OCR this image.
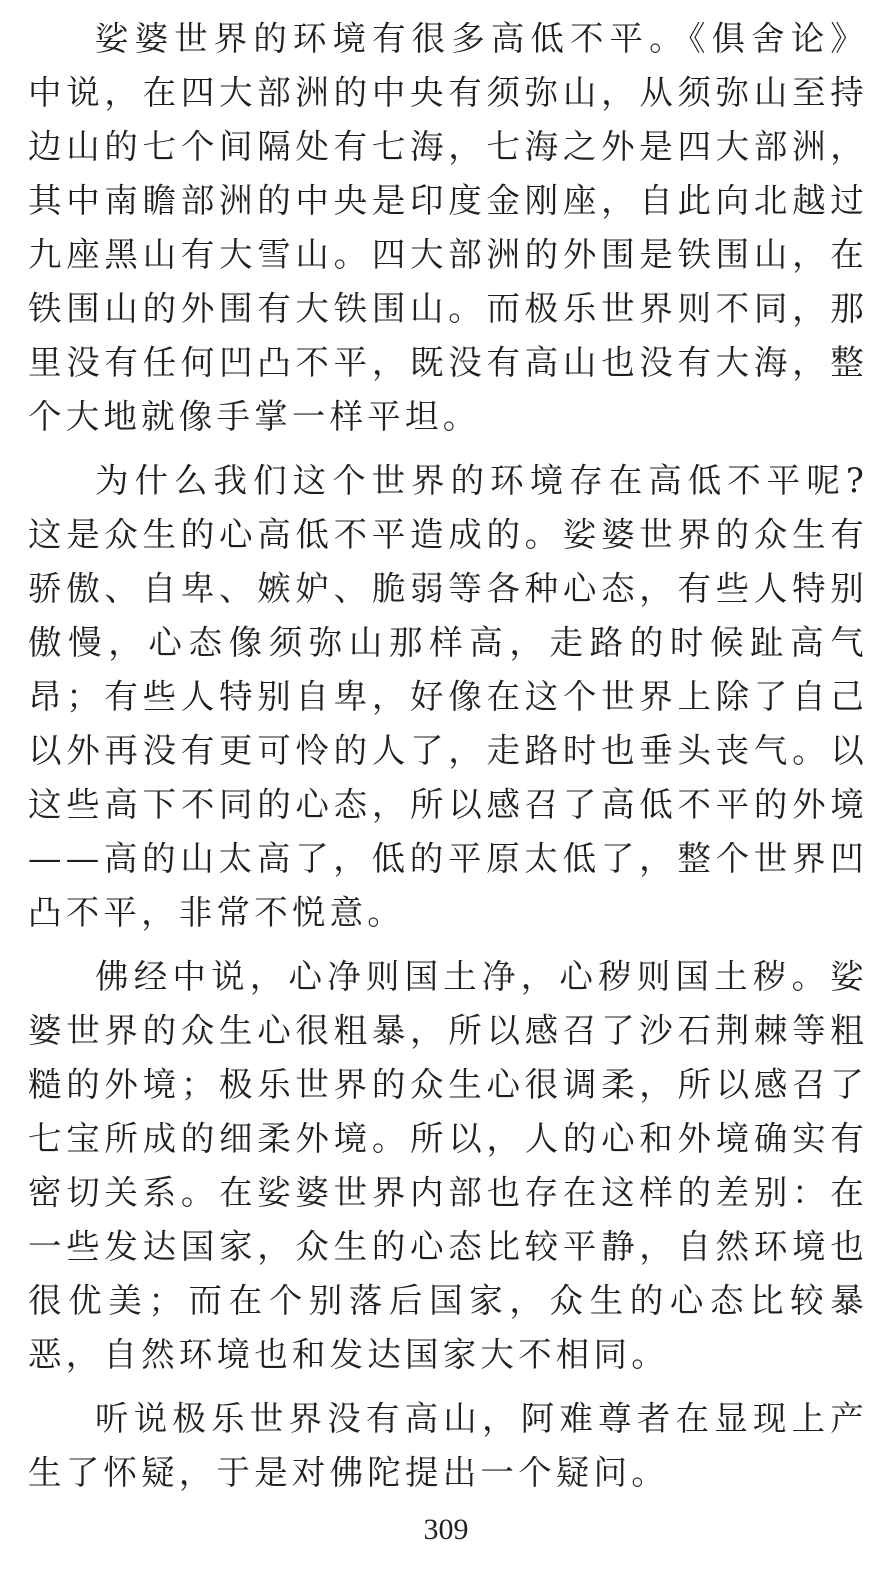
娑婆世界的环境有很多高低不平。《俱舍论》中说，在四大部洲的中央有须弥山，从须弥山至持边山的七个间隔处有七海，七海之外是四大部洲，其中南瞻部洲的中央是印度金刚座，自此向北越过九座黑山有大雪山。四大部洲的外围是铁围山，在铁围山的外围有大铁围山。而极乐世界则不同，那里没有任何凹凸不平，既没有高山也没有大海，整个大地就像手掌一样平坦。

为什么我们这个世界的环境存在高低不平呢?这是众生的心高低不平造成的。娑婆世界的众生有骄傲、自卑、嫉妒、脆弱等各种心态，有些人特别傲慢，心态像须弥山那样高，走路的时候趾高气昂；有些人特别自卑，好像在这个世界上除了自己以外再没有更可怜的人了，走路时也垂头丧气。以这些高下不同的心态，所以感召了高低不平的外境——高的山太高了，低的平原太低了，整个世界凹凸不平，非常不悦意。

佛经中说，心净则国土净，心秽则国土秽。娑婆世界的众生心很粗暴，所以感召了沙石荆棘等粗糙的外境；极乐世界的众生心很调柔，所以感召了七宝所成的细柔外境。所以，人的心和外境确实有密切关系。在娑婆世界内部也存在这样的差别：在一些发达国家，众生的心态比较平静，自然环境也很优美；而在个别落后国家，众生的心态比较暴恶，自然环境也和发达国家大不相同。

听说极乐世界没有高山，阿难尊者在显现上产生了怀疑，于是对佛陀提出一个疑问。

309
